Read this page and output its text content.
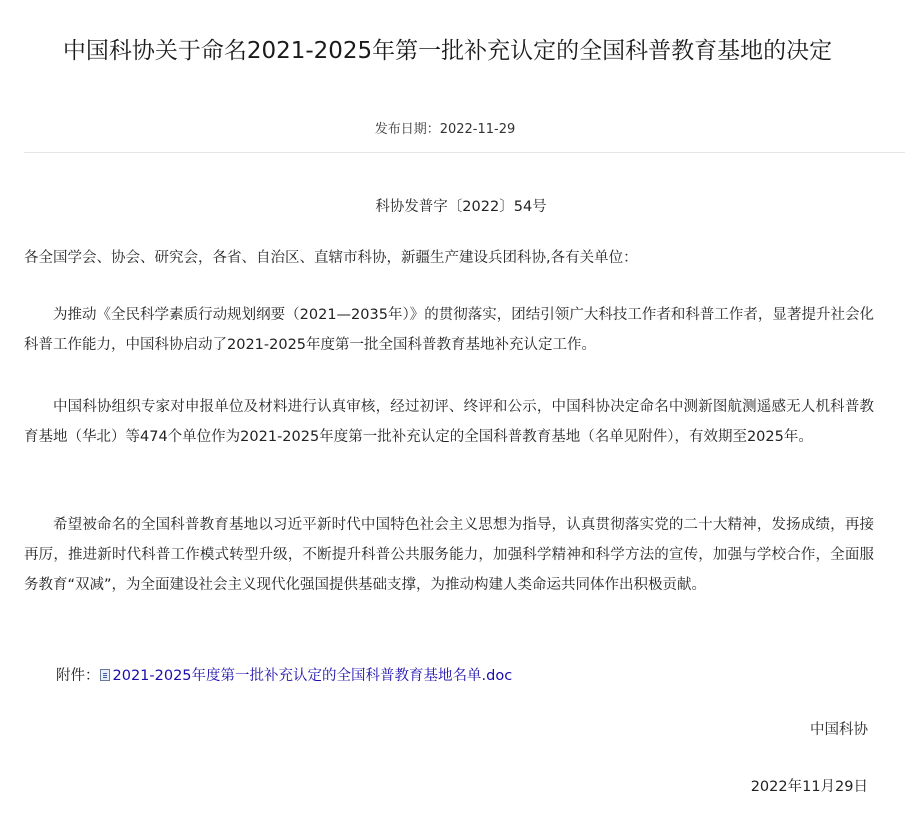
中国科协关于命名2021-2025年第一批补充认定的全国科普教育基地的决定
发布日期：2022-11-29
科协发普字〔2022〕54号

各全国学会、协会、研究会，各省、自治区、直辖市科协，新疆生产建设兵团科协,各有关单位：

为推动《全民科学素质行动规划纲要（2021—2035年）》的贯彻落实，团结引领广大科技工作者和科普工作者，显著提升社会化科普工作能力，中国科协启动了2021-2025年度第一批全国科普教育基地补充认定工作。

中国科协组织专家对申报单位及材料进行认真审核，经过初评、终评和公示，中国科协决定命名中测新图航测遥感无人机科普教育基地（华北）等474个单位作为2021-2025年度第一批补充认定的全国科普教育基地（名单见附件），有效期至2025年。

希望被命名的全国科普教育基地以习近平新时代中国特色社会主义思想为指导，认真贯彻落实党的二十大精神，发扬成绩，再接再厉，推进新时代科普工作模式转型升级，不断提升科普公共服务能力，加强科学精神和科学方法的宣传，加强与学校合作，全面服务教育“双减”，为全面建设社会主义现代化强国提供基础支撑，为推动构建人类命运共同体作出积极贡献。

附件： 2021-2025年度第一批补充认定的全国科普教育基地名单.doc
中国科协
2022年11月29日
